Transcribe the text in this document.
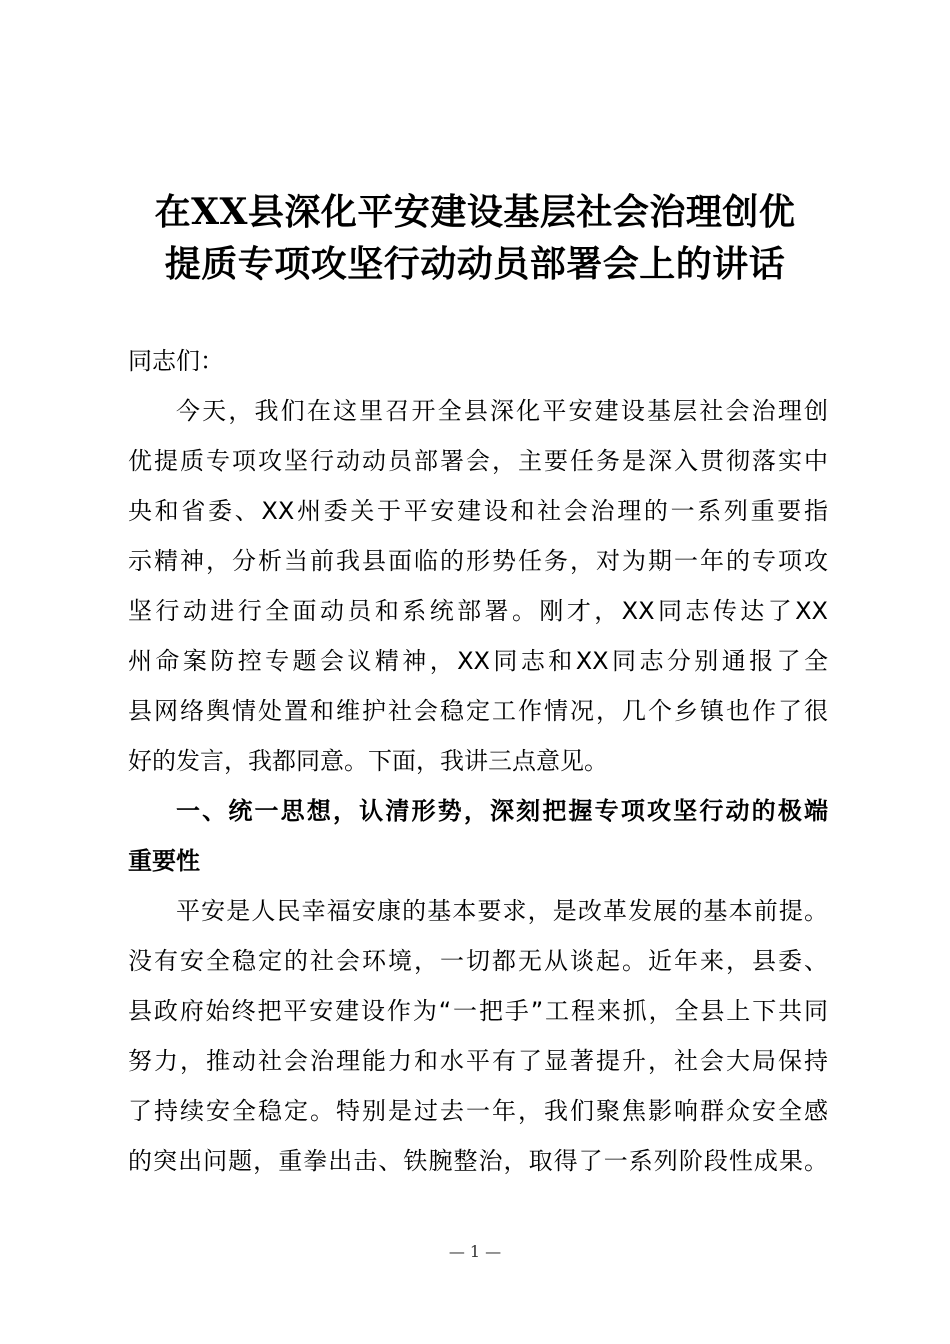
在XX县深化平安建设基层社会治理创优
提质专项攻坚行动动员部署会上的讲话
同志们：
今天，我们在这里召开全县深化平安建设基层社会治理创
优提质专项攻坚行动动员部署会，主要任务是深入贯彻落实中
央和省委、XX州委关于平安建设和社会治理的一系列重要指
示精神，分析当前我县面临的形势任务，对为期一年的专项攻
坚行动进行全面动员和系统部署。刚才，XX同志传达了XX
州命案防控专题会议精神，XX同志和XX同志分别通报了全
县网络舆情处置和维护社会稳定工作情况，几个乡镇也作了很
好的发言，我都同意。下面，我讲三点意见。
一、统一思想，认清形势，深刻把握专项攻坚行动的极端
重要性
平安是人民幸福安康的基本要求，是改革发展的基本前提。
没有安全稳定的社会环境，一切都无从谈起。近年来，县委、
县政府始终把平安建设作为“一把手”工程来抓，全县上下共同
努力，推动社会治理能力和水平有了显著提升，社会大局保持
了持续安全稳定。特别是过去一年，我们聚焦影响群众安全感
的突出问题，重拳出击、铁腕整治，取得了一系列阶段性成果。
— 1 —
